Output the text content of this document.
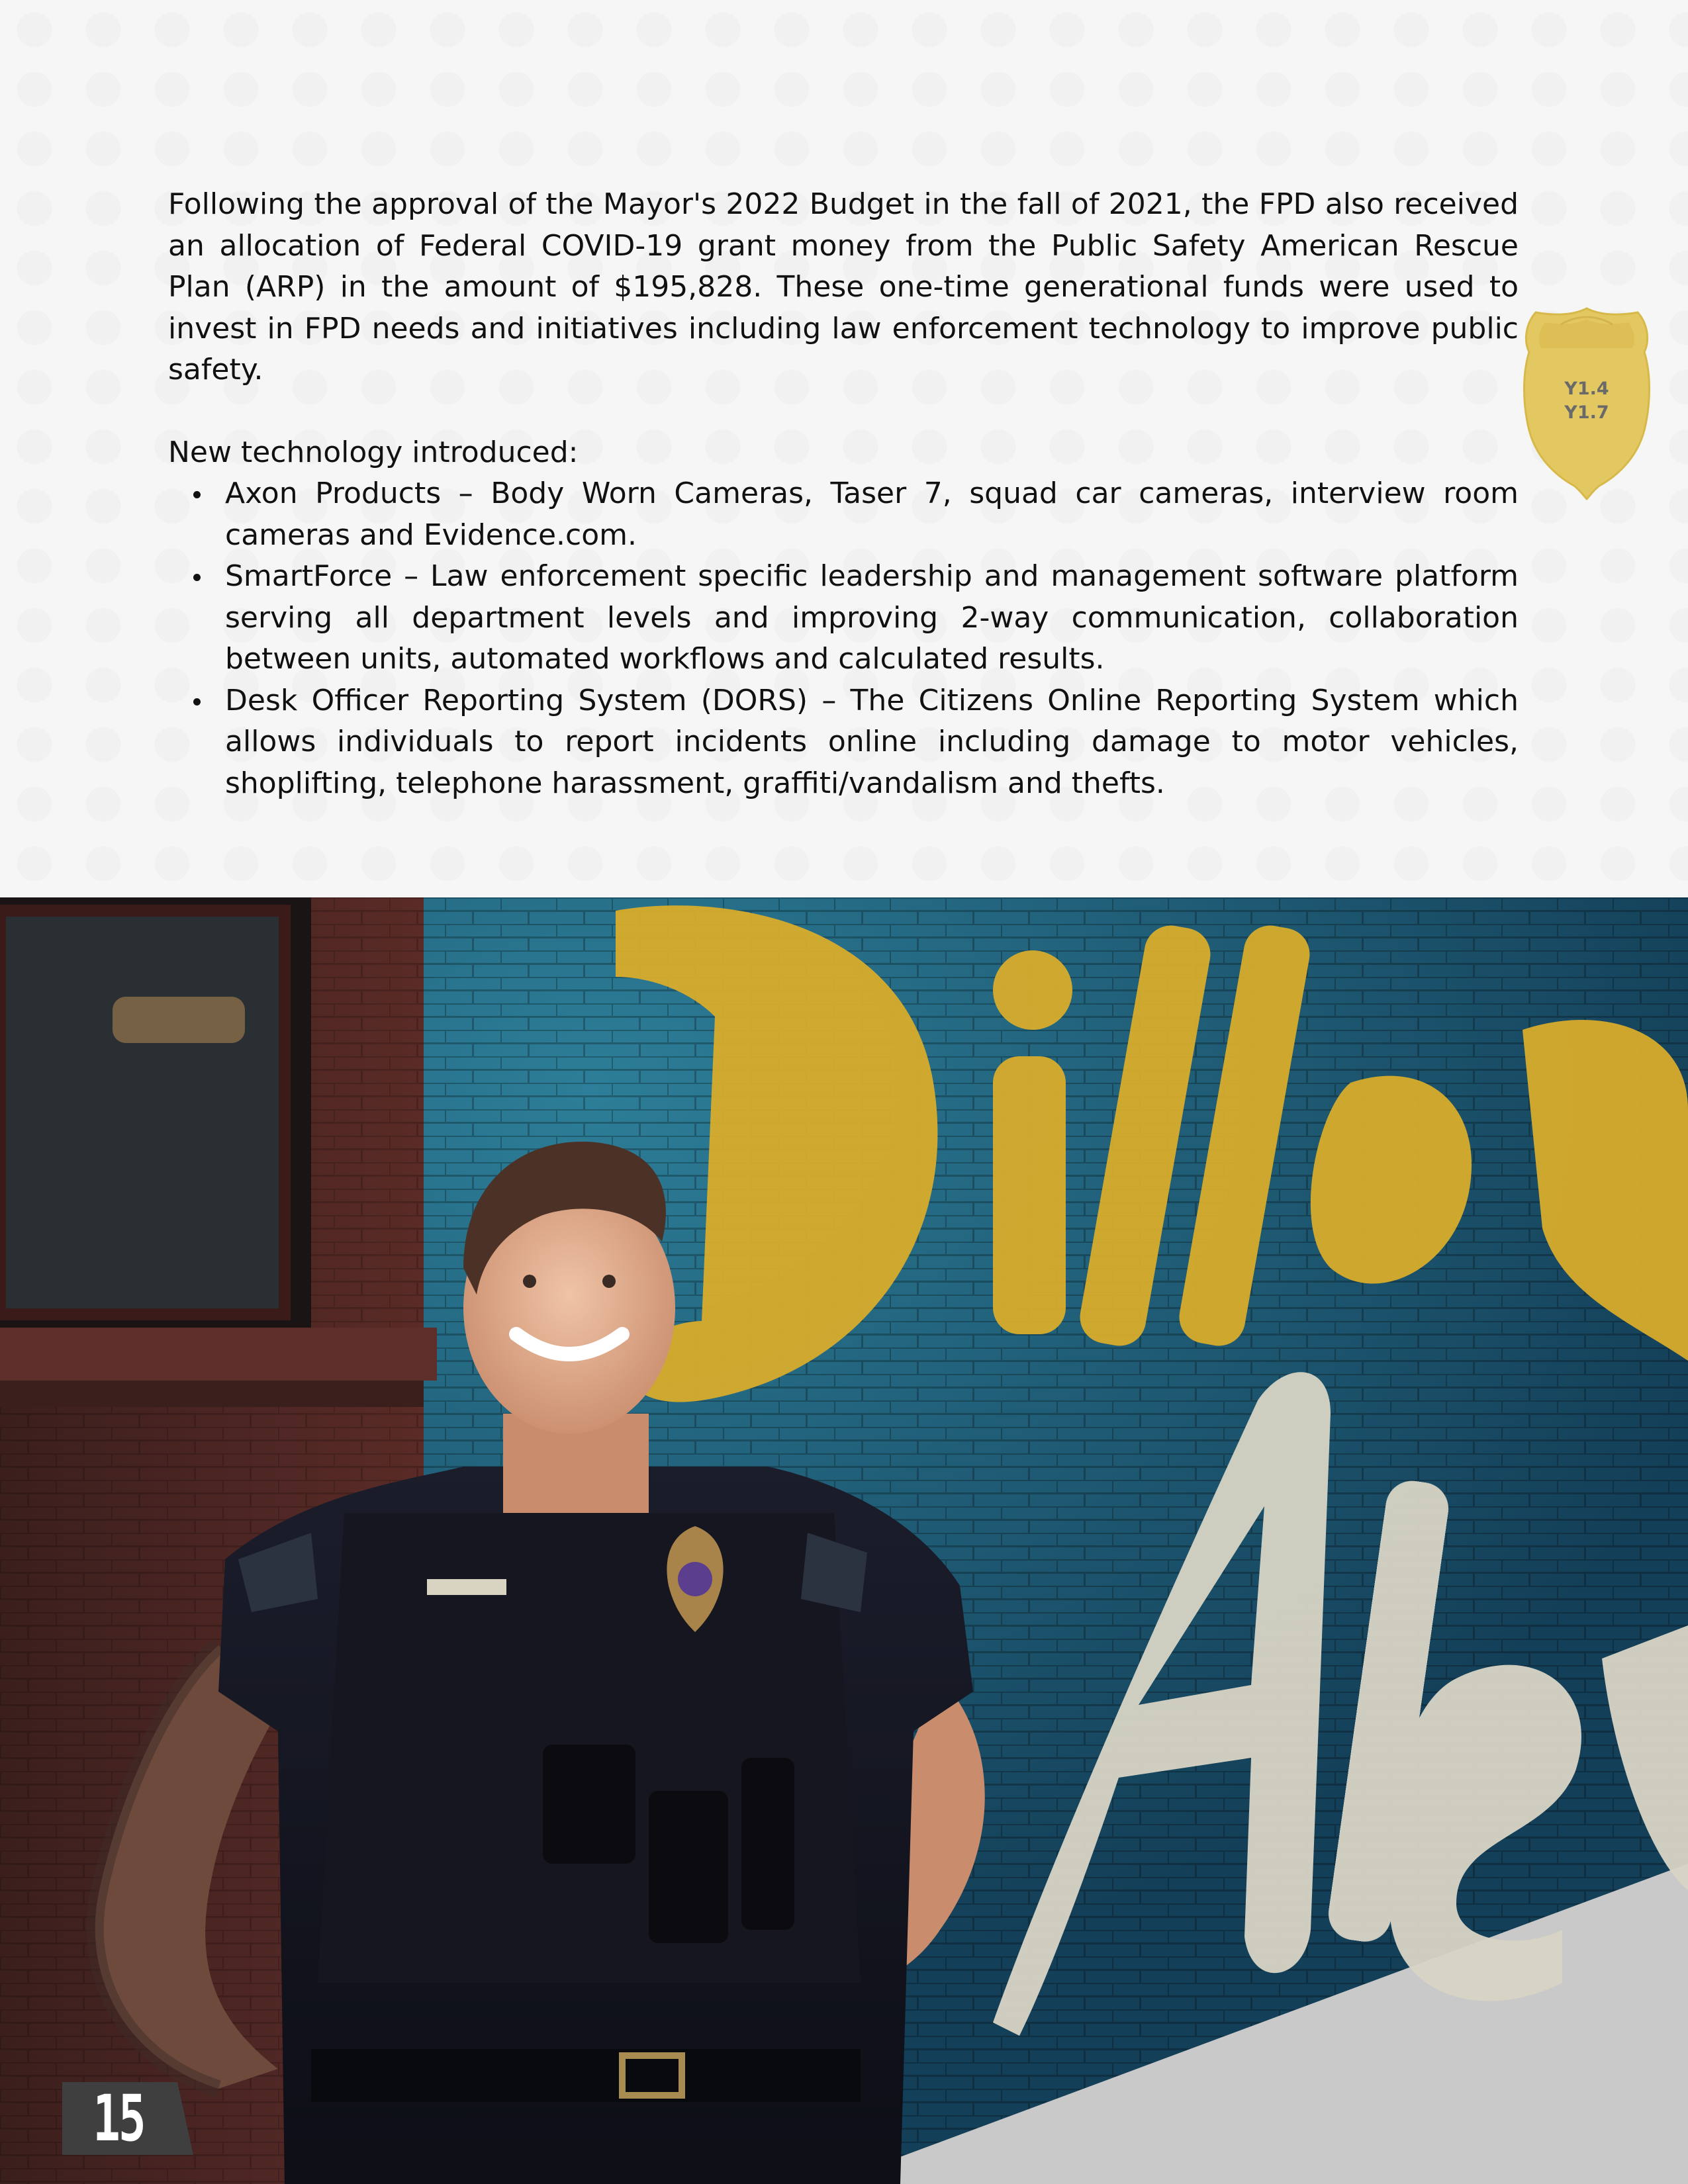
Following the approval of the Mayor's 2022 Budget in the fall of 2021, the FPD also received an allocation of Federal COVID-19 grant money from the Public Safety American Rescue Plan (ARP) in the amount of $195,828. These one-time generational funds were used to invest in FPD needs and initiatives including law enforcement technology to improve public safety.

New technology introduced:

Axon Products – Body Worn Cameras, Taser 7, squad car cameras, interview room cameras and Evidence.com.
SmartForce – Law enforcement specific leadership and management software platform serving all department levels and improving 2-way communication, collaboration between units, automated workflows and calculated results.
Desk Officer Reporting System (DORS) – The Citizens Online Reporting System which allows individuals to report incidents online including damage to motor vehicles, shoplifting, telephone harassment, graffiti/vandalism and thefts.
Y1.4
Y1.7
15
